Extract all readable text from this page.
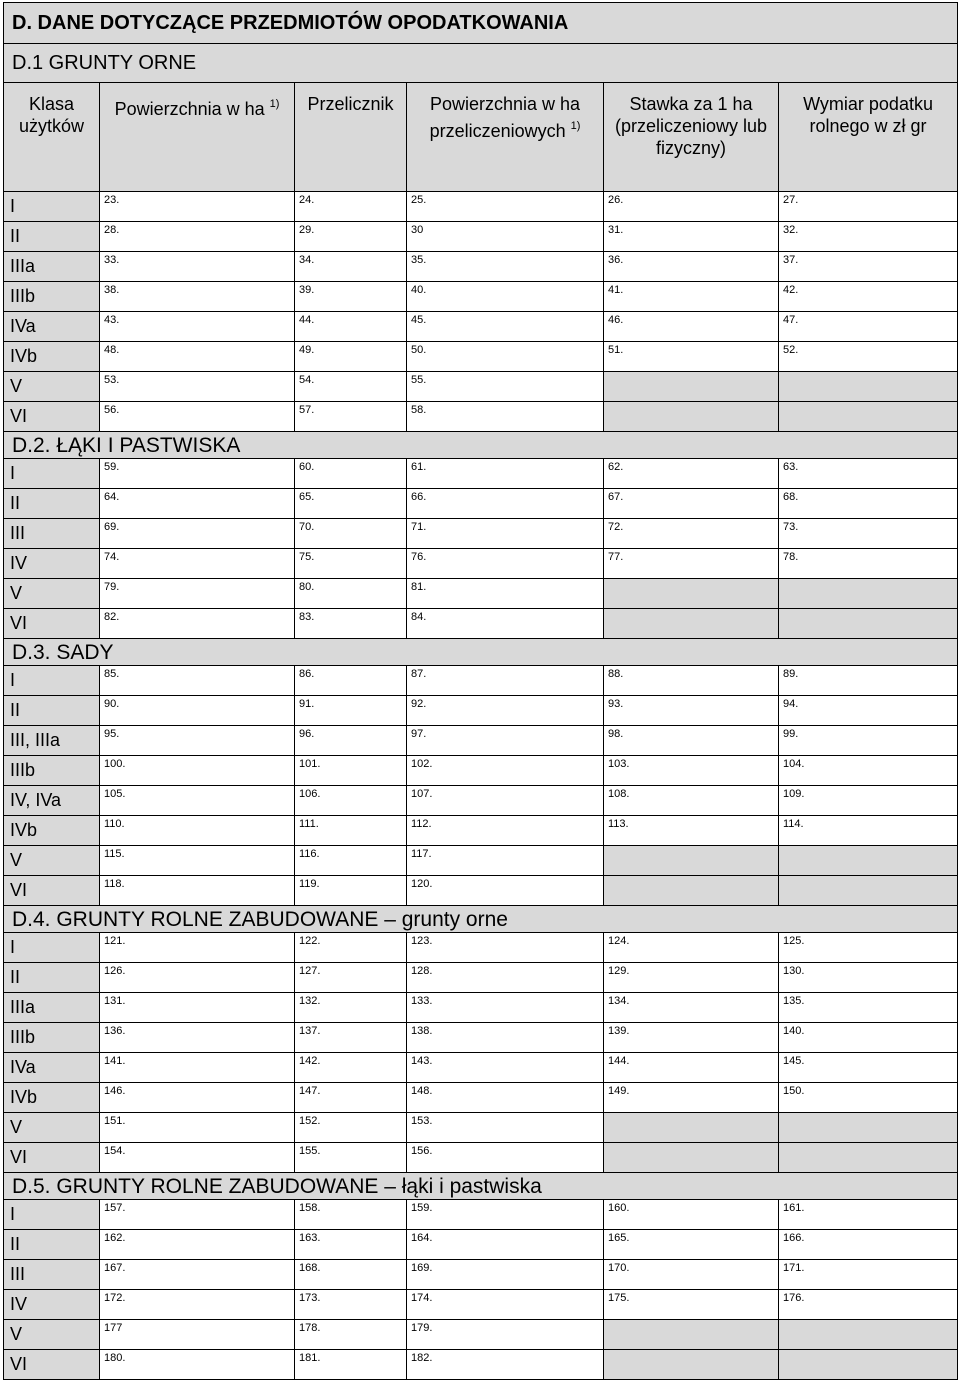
D. DANE DOTYCZĄCE PRZEDMIOTÓW OPODATKOWANIA					
D.1 GRUNTY ORNE					
Klasa użytków	Powierzchnia w ha $^{1)}$	Przelicznik	Powierzchnia w ha przeliczeniowych $^{1)}$	Stawka za 1 ha (przeliczeniowy lub fizyczny)	Wymiar podatku rolnego w zł gr
I	23.	24.	25.	26.	27.
II	28.	29.	30	31.	32.
IIIa	33.	34.	35.	36.	37.
IIIb	38.	39.	40.	41.	42.
IVa	43.	44.	45.	46.	47.
IVb	48.	49.	50.	51.	52.
V	53.	54.	55.		
VI	56.	57.	58.		
D.2. ŁĄKI I PASTWISKA					
I	59.	60.	61.	62.	63.
II	64.	65.	66.	67.	68.
III	69.	70.	71.	72.	73.
IV	74.	75.	76.	77.	78.
V	79.	80.	81.		
VI	82.	83.	84.		
D.3. SADY					
I	85.	86.	87.	88.	89.
II	90.	91.	92.	93.	94.
III, IIIa	95.	96.	97.	98.	99.
IIIb	100.	101.	102.	103.	104.
IV, IVa	105.	106.	107.	108.	109.
IVb	110.	111.	112.	113.	114.
V	115.	116.	117.		
VI	118.	119.	120.		
D.4. GRUNTY ROLNE ZABUDOWANE – grunty orne					
I	121.	122.	123.	124.	125.
II	126.	127.	128.	129.	130.
IIIa	131.	132.	133.	134.	135.
IIIb	136.	137.	138.	139.	140.
IVa	141.	142.	143.	144.	145.
IVb	146.	147.	148.	149.	150.
V	151.	152.	153.		
VI	154.	155.	156.		
D.5. GRUNTY ROLNE ZABUDOWANE – łąki i pastwiska					
I	157.	158.	159.	160.	161.
II	162.	163.	164.	165.	166.
III	167.	168.	169.	170.	171.
IV	172.	173.	174.	175.	176.
V	177	178.	179.		
VI	180.	181.	182.		
